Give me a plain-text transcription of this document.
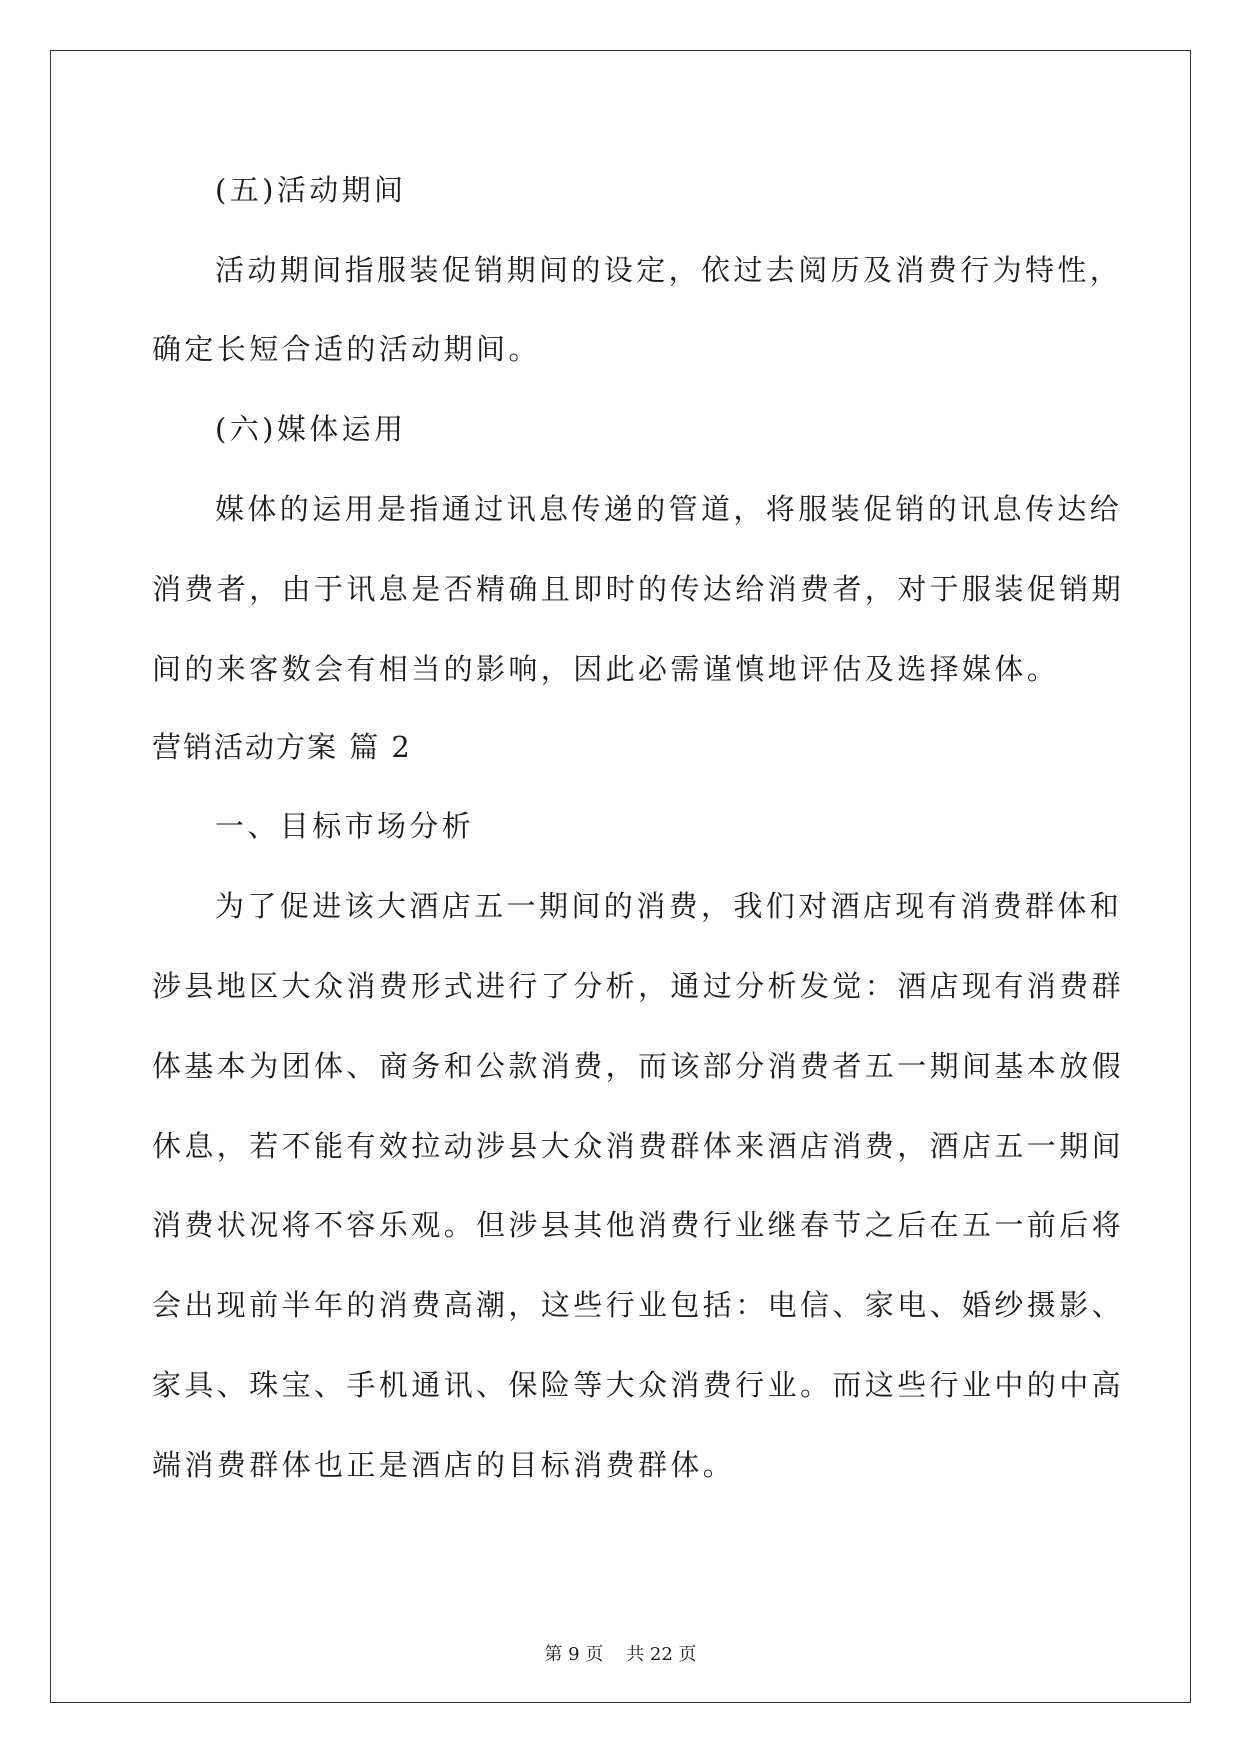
(五)活动期间
活动期间指服装促销期间的设定，依过去阅历及消费行为特性，
确定长短合适的活动期间。
(六)媒体运用
媒体的运用是指通过讯息传递的管道，将服装促销的讯息传达给
消费者，由于讯息是否精确且即时的传达给消费者，对于服装促销期
间的来客数会有相当的影响，因此必需谨慎地评估及选择媒体。
营销活动方案 篇 2
一、目标市场分析
为了促进该大酒店五一期间的消费，我们对酒店现有消费群体和
涉县地区大众消费形式进行了分析，通过分析发觉：酒店现有消费群
体基本为团体、商务和公款消费，而该部分消费者五一期间基本放假
休息，若不能有效拉动涉县大众消费群体来酒店消费，酒店五一期间
消费状况将不容乐观。但涉县其他消费行业继春节之后在五一前后将
会出现前半年的消费高潮，这些行业包括：电信、家电、婚纱摄影、
家具、珠宝、手机通讯、保险等大众消费行业。而这些行业中的中高
端消费群体也正是酒店的目标消费群体。
第 9 页    共 22 页
